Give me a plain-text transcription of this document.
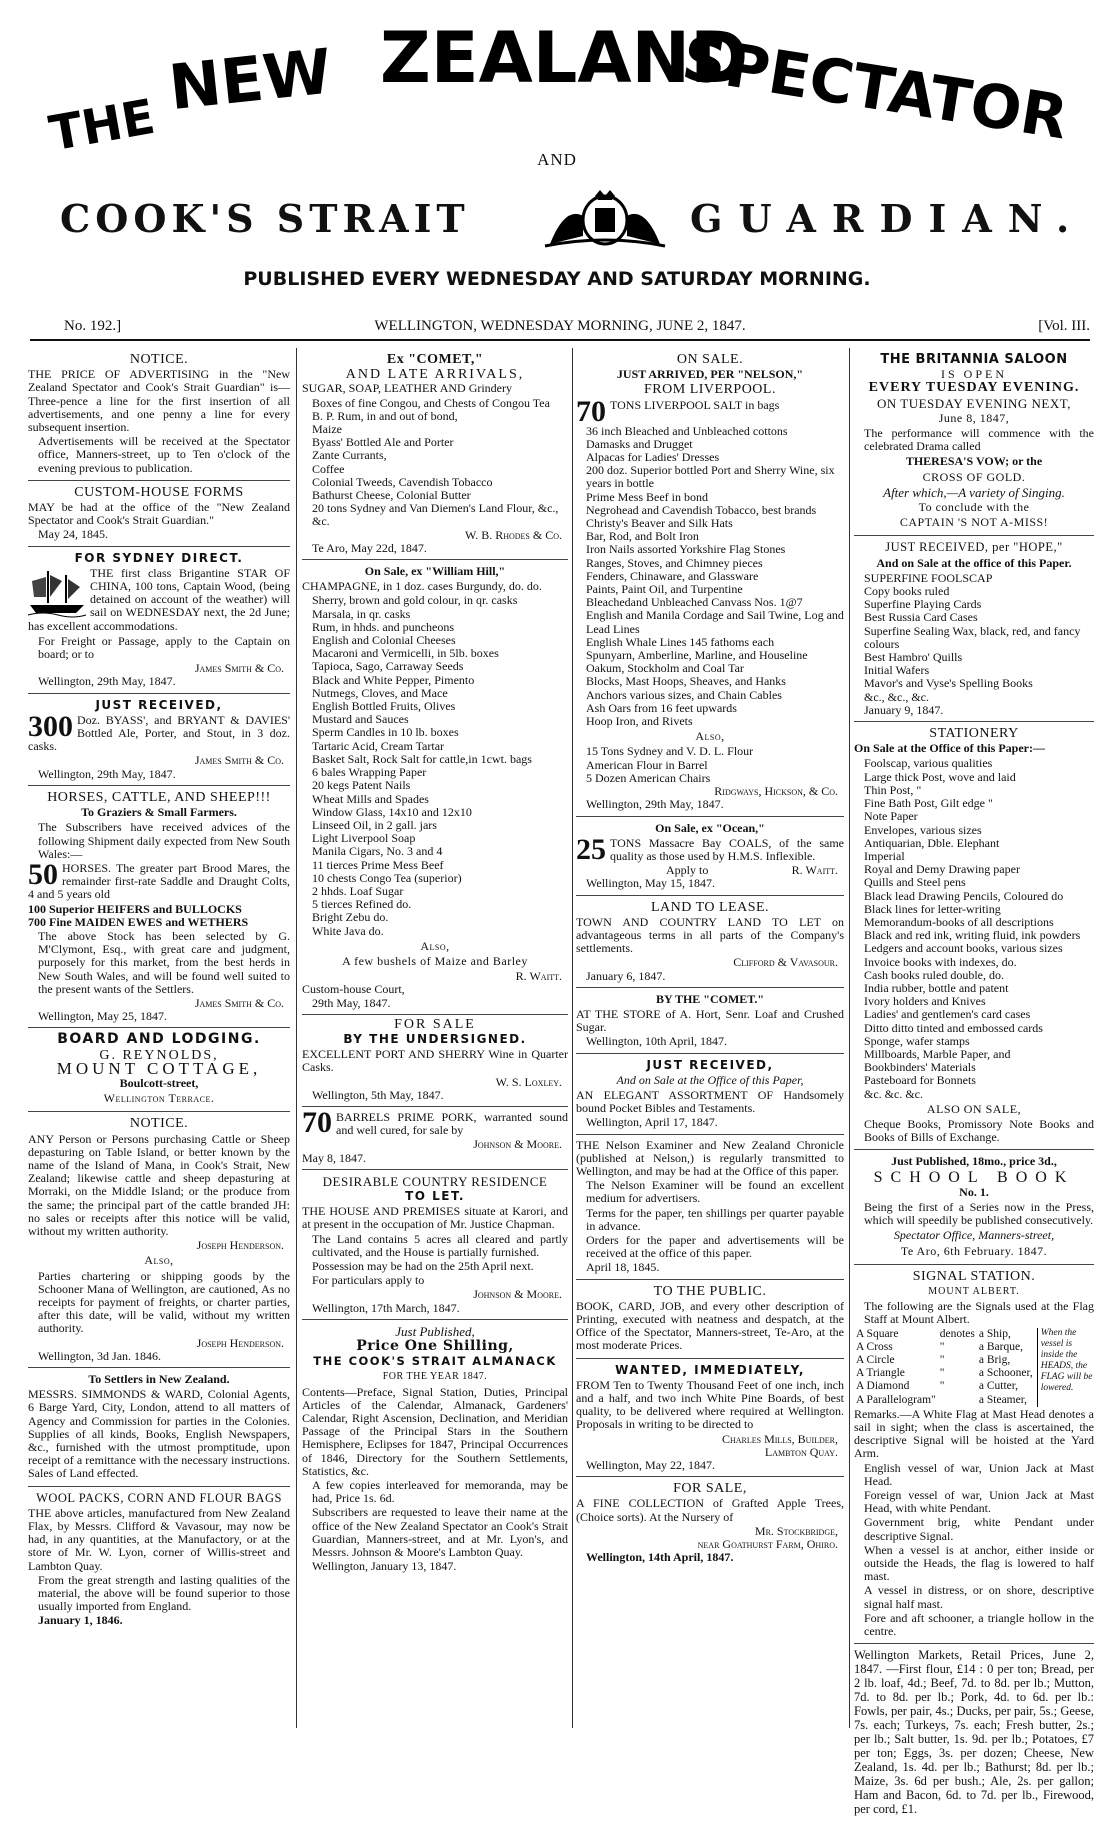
THE
NEW ZEALAND
SPECTATOR
AND
COOK'S STRAIT	GUARDIAN.
PUBLISHED EVERY WEDNESDAY AND SATURDAY MORNING.
No. 192.]	WELLINGTON, WEDNESDAY MORNING, JUNE 2, 1847.	[Vol. III.

NOTICE.

THE PRICE OF ADVERTISING in the "New Zealand Spectator and Cook's Strait Guardian" is—Three-pence a line for the first insertion of all advertisements, and one penny a line for every subsequent insertion.

Advertisements will be received at the Spectator office, Manners-street, up to Ten o'clock of the evening previous to publication.

CUSTOM-HOUSE FORMS

MAY be had at the office of the "New Zealand Spectator and Cook's Strait Guardian."

May 24, 1845.
FOR SYDNEY DIRECT.

THE first class Brigantine STAR OF CHINA, 100 tons, Captain Wood, (being detained on account of the weather) will sail on WEDNESDAY next, the 2d June; has excellent accommodations.

For Freight or Passage, apply to the Captain on board; or to

James Smith & Co.
Wellington, 29th May, 1847.
JUST RECEIVED,
300 Doz. BYASS', and BRYANT & DAVIES' Bottled Ale, Porter, and Stout, in 3 doz. casks.

James Smith & Co.
Wellington, 29th May, 1847.
HORSES, CATTLE, AND SHEEP!!!
To Graziers & Small Farmers.

The Subscribers have received advices of the following Shipment daily expected from New South Wales:—

50 HORSES. The greater part Brood Mares, the remainder first-rate Saddle and Draught Colts, 4 and 5 years old

100 Superior HEIFERS and BULLOCKS
700 Fine MAIDEN EWES and WETHERS

The above Stock has been selected by G. M'Clymont, Esq., with great care and judgment, purposely for this market, from the best herds in New South Wales, and will be found well suited to the present wants of the Settlers.

James Smith & Co.
Wellington, May 25, 1847.
BOARD AND LODGING.
G. REYNOLDS,
MOUNT COTTAGE,
Boulcott-street,
Wellington Terrace.
NOTICE.

ANY Person or Persons purchasing Cattle or Sheep depasturing on Table Island, or better known by the name of the Island of Mana, in Cook's Strait, New Zealand; likewise cattle and sheep depasturing at Morraki, on the Middle Island; or the produce from the same; the principal part of the cattle branded JH: no sales or receipts after this notice will be valid, without my written authority.

Joseph Henderson.
Also,

Parties chartering or shipping goods by the Schooner Mana of Wellington, are cautioned, As no receipts for payment of freights, or charter parties, after this date, will be valid, without my written authority.

Joseph Henderson.
Wellington, 3d Jan. 1846.
To Settlers in New Zealand.

MESSRS. SIMMONDS & WARD, Colonial Agents, 6 Barge Yard, City, London, attend to all matters of Agency and Commission for parties in the Colonies. Supplies of all kinds, Books, English Newspapers, &c., furnished with the utmost promptitude, upon receipt of a remittance with the necessary instructions. Sales of Land effected.

WOOL PACKS, CORN AND FLOUR BAGS

THE above articles, manufactured from New Zealand Flax, by Messrs. Clifford & Vavasour, may now be had, in any quantities, at the Manufactory, or at the store of Mr. W. Lyon, corner of Willis-street and Lambton Quay.

From the great strength and lasting qualities of the material, the above will be found superior to those usually imported from England.

January 1, 1846.
Ex "COMET,"
AND LATE ARRIVALS,

SUGAR, SOAP, LEATHER AND Grindery

Boxes of fine Congou, and Chests of Congou Tea
B. P. Rum, in and out of bond,
Maize
Byass' Bottled Ale and Porter
Zante Currants,
Coffee
Colonial Tweeds, Cavendish Tobacco
Bathurst Cheese, Colonial Butter
20 tons Sydney and Van Diemen's Land Flour, &c., &c.
W. B. Rhodes & Co.
Te Aro, May 22d, 1847.
On Sale, ex "William Hill,"

CHAMPAGNE, in 1 doz. cases Burgundy, do. do.

Sherry, brown and gold colour, in qr. casks
Marsala, in qr. casks
Rum, in hhds. and puncheons
English and Colonial Cheeses
Macaroni and Vermicelli, in 5lb. boxes
Tapioca, Sago, Carraway Seeds
Black and White Pepper, Pimento
Nutmegs, Cloves, and Mace
English Bottled Fruits, Olives
Mustard and Sauces
Sperm Candles in 10 lb. boxes
Tartaric Acid, Cream Tartar
Basket Salt, Rock Salt for cattle,in 1cwt. bags
6 bales Wrapping Paper
20 kegs Patent Nails
Wheat Mills and Spades
Window Glass, 14x10 and 12x10
Linseed Oil, in 2 gall. jars
Light Liverpool Soap
Manila Cigars, No. 3 and 4
11 tierces Prime Mess Beef
10 chests Congo Tea (superior)
2 hhds. Loaf Sugar
5 tierces Refined do.
Bright Zebu do.
White Java do.
Also,
A few bushels of Maize and Barley
R. Waitt.
Custom-house Court,
29th May, 1847.
FOR SALE
BY THE UNDERSIGNED.

EXCELLENT PORT AND SHERRY Wine in Quarter Casks.

W. S. Loxley.
Wellington, 5th May, 1847.
70 BARRELS PRIME PORK, warranted sound and well cured, for sale by

Johnson & Moore.
May 8, 1847.
DESIRABLE COUNTRY RESIDENCE
TO LET.

THE HOUSE AND PREMISES situate at Karori, and at present in the occupation of Mr. Justice Chapman.

The Land contains 5 acres all cleared and partly cultivated, and the House is partially furnished.

Possession may be had on the 25th April next.

For particulars apply to

Johnson & Moore.
Wellington, 17th March, 1847.
Just Published,
Price One Shilling,
THE COOK'S STRAIT ALMANACK
FOR THE YEAR 1847.

Contents—Preface, Signal Station, Duties, Principal Articles of the Calendar, Almanack, Gardeners' Calendar, Right Ascension, Declination, and Meridian Passage of the Principal Stars in the Southern Hemisphere, Eclipses for 1847, Principal Occurrences of 1846, Directory for the Southern Settlements, Statistics, &c.

A few copies interleaved for memoranda, may be had, Price 1s. 6d.

Subscribers are requested to leave their name at the office of the New Zealand Spectator an Cook's Strait Guardian, Manners-street, and at Mr. Lyon's, and Messrs. Johnson & Moore's Lambton Quay.

Wellington, January 13, 1847.
ON SALE.
JUST ARRIVED, PER "NELSON,"
FROM LIVERPOOL.
70 TONS LIVERPOOL SALT in bags

36 inch Bleached and Unbleached cottons
Damasks and Drugget
Alpacas for Ladies' Dresses
200 doz. Superior bottled Port and Sherry Wine, six years in bottle
Prime Mess Beef in bond
Negrohead and Cavendish Tobacco, best brands
Christy's Beaver and Silk Hats
Bar, Rod, and Bolt Iron
Iron Nails assorted Yorkshire Flag Stones
Ranges, Stoves, and Chimney pieces
Fenders, Chinaware, and Glassware
Paints, Paint Oil, and Turpentine
Bleachedand Unbleached Canvass Nos. 1@7
English and Manila Cordage and Sail Twine, Log and Lead Lines
English Whale Lines 145 fathoms each
Spunyarn, Amberline, Marline, and Houseline
Oakum, Stockholm and Coal Tar
Blocks, Mast Hoops, Sheaves, and Hanks
Anchors various sizes, and Chain Cables
Ash Oars from 16 feet upwards
Hoop Iron, and Rivets
Also,
15 Tons Sydney and V. D. L. Flour
American Flour in Barrel
5 Dozen American Chairs
Ridgways, Hickson, & Co.
Wellington, 29th May, 1847.
On Sale, ex "Ocean,"
25 TONS Massacre Bay COALS, of the same quality as those used by H.M.S. Inflexible.

Apply to	R. Waitt.
Wellington, May 15, 1847.
LAND TO LEASE.

TOWN AND COUNTRY LAND TO LET on advantageous terms in all parts of the Company's settlements.

Clifford & Vavasour.
January 6, 1847.
BY THE "COMET."

AT THE STORE of A. Hort, Senr. Loaf and Crushed Sugar.

Wellington, 10th April, 1847.
JUST RECEIVED,
And on Sale at the Office of this Paper,

AN ELEGANT ASSORTMENT OF Handsomely bound Pocket Bibles and Testaments.

Wellington, April 17, 1847.

THE Nelson Examiner and New Zealand Chronicle (published at Nelson,) is regularly transmitted to Wellington, and may be had at the Office of this paper.

The Nelson Examiner will be found an excellent medium for advertisers.

Terms for the paper, ten shillings per quarter payable in advance.

Orders for the paper and advertisements will be received at the office of this paper.

April 18, 1845.
TO THE PUBLIC.

BOOK, CARD, JOB, and every other description of Printing, executed with neatness and despatch, at the Office of the Spectator, Manners-street, Te-Aro, at the most moderate Prices.

WANTED, IMMEDIATELY,

FROM Ten to Twenty Thousand Feet of one inch, inch and a half, and two inch White Pine Boards, of best quality, to be delivered where required at Wellington. Proposals in writing to be directed to

Charles Mills, Builder,
Lambton Quay.
Wellington, May 22, 1847.
FOR SALE,

A FINE COLLECTION of Grafted Apple Trees, (Choice sorts). At the Nursery of

Mr. Stockbridge,
near Goathurst Farm, Ohiro.
Wellington, 14th April, 1847.
THE BRITANNIA SALOON
IS OPEN
EVERY TUESDAY EVENING.
ON TUESDAY EVENING NEXT,
June 8, 1847,

The performance will commence with the celebrated Drama called

THERESA'S VOW; or the
CROSS OF GOLD.
After which,—A variety of Singing.
To conclude with the
CAPTAIN 'S NOT A-MISS!
JUST RECEIVED, per "HOPE,"
And on Sale at the office of this Paper.
SUPERFINE FOOLSCAP
Copy books ruled
Superfine Playing Cards
Best Russia Card Cases
Superfine Sealing Wax, black, red, and fancy colours
Best Hambro' Quills
Initial Wafers
Mavor's and Vyse's Spelling Books
&c., &c., &c.
January 9, 1847.
STATIONERY
On Sale at the Office of this Paper:—
Foolscap, various qualities
Large thick Post, wove and laid
Thin Post, "
Fine Bath Post, Gilt edge "
Note Paper
Envelopes, various sizes
Antiquarian, Dble. Elephant
Imperial
Royal and Demy Drawing paper
Quills and Steel pens
Black lead Drawing Pencils, Coloured do
Black lines for letter-writing
Memorandum-books of all descriptions
Black and red ink, writing fluid, ink powders
Ledgers and account books, various sizes
Invoice books with indexes, do.
Cash books ruled double, do.
India rubber, bottle and patent
Ivory holders and Knives
Ladies' and gentlemen's card cases
Ditto ditto tinted and embossed cards
Sponge, wafer stamps
Millboards, Marble Paper, and
Bookbinders' Materials
Pasteboard for Bonnets
&c. &c. &c.
ALSO ON SALE,

Cheque Books, Promissory Note Books and Books of Bills of Exchange.

Just Published, 18mo., price 3d.,
SCHOOL BOOK
No. 1.

Being the first of a Series now in the Press, which will speedily be published consecutively.

Spectator Office, Manners-street,
Te Aro, 6th February. 1847.
SIGNAL STATION.
MOUNT ALBERT.

The following are the Signals used at the Flag Staff at Mount Albert.

A Square	denotes	a Ship,
A Cross	"	a Barque,
A Circle	"	a Brig,
A Triangle	"	a Schooner,
A Diamond	"	a Cutter,
A Parallelogram"		a Steamer,
When the vessel is inside the HEADS, the FLAG will be lowered.

Remarks.—A White Flag at Mast Head denotes a sail in sight; when the class is ascertained, the descriptive Signal will be hoisted at the Yard Arm.

English vessel of war, Union Jack at Mast Head.

Foreign vessel of war, Union Jack at Mast Head, with white Pendant.

Government brig, white Pendant under descriptive Signal.

When a vessel is at anchor, either inside or outside the Heads, the flag is lowered to half mast.

A vessel in distress, or on shore, descriptive signal half mast.

Fore and aft schooner, a triangle hollow in the centre.

Wellington Markets, Retail Prices, June 2, 1847. —First flour, £14 : 0 per ton; Bread, per 2 lb. loaf, 4d.; Beef, 7d. to 8d. per lb.; Mutton, 7d. to 8d. per lb.; Pork, 4d. to 6d. per lb.: Fowls, per pair, 4s.; Ducks, per pair, 5s.; Geese, 7s. each; Turkeys, 7s. each; Fresh butter, 2s.; per lb.; Salt butter, 1s. 9d. per lb.; Potatoes, £7 per ton; Eggs, 3s. per dozen; Cheese, New Zealand, 1s. 4d. per lb.; Bathurst; 8d. per lb.; Maize, 3s. 6d per bush.; Ale, 2s. per gallon; Ham and Bacon, 6d. to 7d. per lb., Firewood, per cord, £1.
